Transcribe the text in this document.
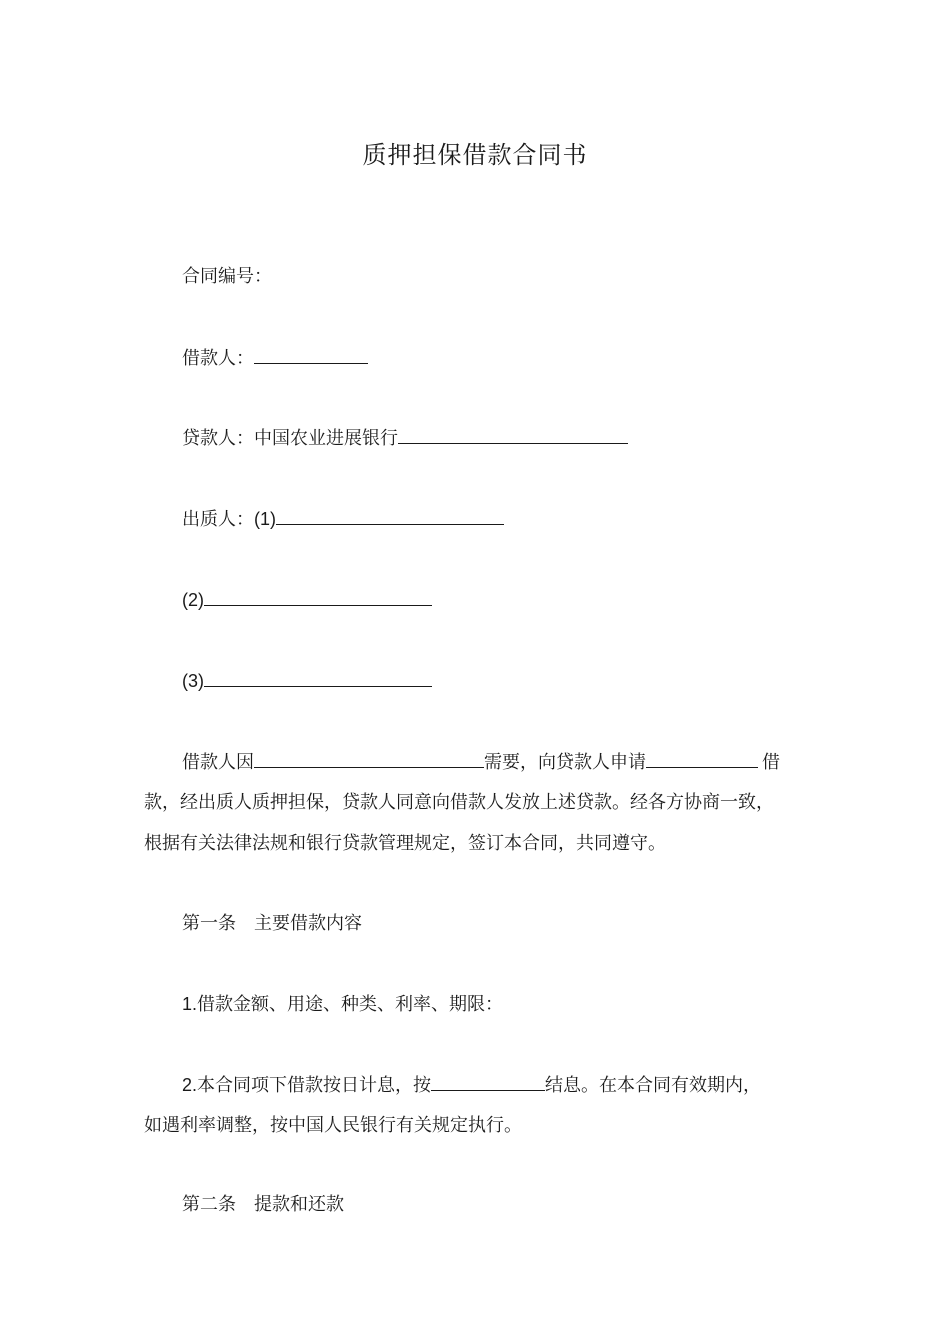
质押担保借款合同书
合同编号：
借款人：
贷款人：中国农业进展银行
出质人：(1)
(2)
(3)
借款人因	需要，向贷款人申请	借
款，经出质人质押担保，贷款人同意向借款人发放上述贷款。经各方协商一致，
根据有关法律法规和银行贷款管理规定，签订本合同，共同遵守。
第一条 主要借款内容
1.借款金额、用途、种类、利率、期限：
2.本合同项下借款按日计息，按	结息。在本合同有效期内，
如遇利率调整，按中国人民银行有关规定执行。
第二条 提款和还款
